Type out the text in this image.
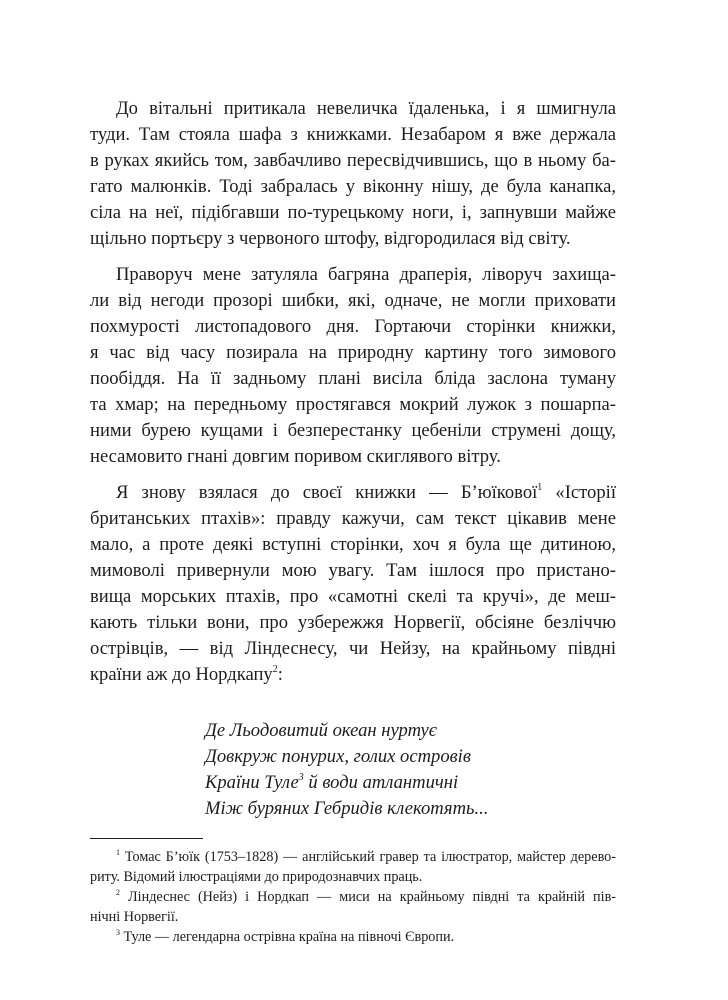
До вітальні притикала невеличка їдаленька, і я шмигнула
туди. Там стояла шафа з книжками. Незабаром я вже держала
в руках якийсь том, завбачливо пересвідчившись, що в ньому ба-
гато малюнків. Тоді забралась у віконну нішу, де була канапка,
сіла на неї, підібгавши по-турецькому ноги, і, запнувши майже
щільно портьєру з червоного штофу, відгородилася від світу.
Праворуч мене затуляла багряна драперія, ліворуч захища-
ли від негоди прозорі шибки, які, одначе, не могли приховати
похмурості листопадового дня. Гортаючи сторінки книжки,
я час від часу позирала на природну картину того зимового
пообіддя. На її задньому плані висіла бліда заслона туману
та хмар; на передньому простягався мокрий лужок з пошарпа-
ними бурею кущами і безперестанку цебеніли струмені дощу,
несамовито гнані довгим поривом скиглявого вітру.
Я знову взялася до своєї книжки — Б’юїкової$^1$ «Історії
британських птахів»: правду кажучи, сам текст цікавив мене
мало, а проте деякі вступні сторінки, хоч я була ще дитиною,
мимоволі привернули мою увагу. Там ішлося про пристано-
вища морських птахів, про «самотні скелі та кручі», де меш-
кають тільки вони, про узбережжя Норвегії, обсіяне безліччю
острівців, — від Ліндеснесу, чи Нейзу, на крайньому півдні
країни аж до Нордкапу$^2$:
Де Льодовитий океан нуртує
Довкруж понурих, голих островів
Країни Туле$^3$ й води атлантичні
Між буряних Гебридів клекотять...
$^1$ Томас Б’юїк (1753–1828) — англійський гравер та ілюстратор, майстер дерево-
риту. Відомий ілюстраціями до природознавчих праць.
$^2$ Ліндеснес (Нейз) і Нордкап — миси на крайньому півдні та крайній пів-
нічні Норвегії.
$^3$ Туле — легендарна острівна країна на півночі Європи.
